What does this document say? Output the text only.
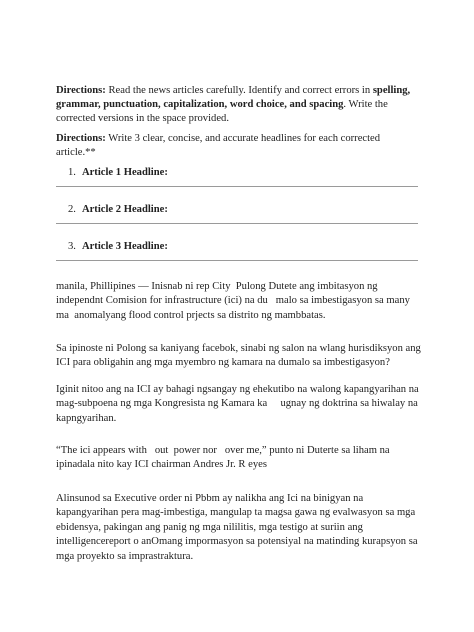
Directions: Read the news articles carefully. Identify and correct errors in spelling, grammar, punctuation, capitalization, word choice, and spacing. Write the corrected versions in the space provided.

Directions: Write 3 clear, concise, and accurate headlines for each corrected article.**

1. Article 1 Headline:
2. Article 2 Headline:
3. Article 3 Headline:

manila, Phillipines — Inisnab ni rep City  Pulong Dutete ang imbitasyon ng independnt Comision for infrastructure (ici) na du   malo sa imbestigasyon sa many ma  anomalyang flood control prjects sa distrito ng mambbatas.

Sa ipinoste ni Polong sa kaniyang facebok, sinabi ng salon na wlang hurisdiksyon ang ICI para obligahin ang mga myembro ng kamara na dumalo sa imbestigasyon?

Iginit nitoo ang na ICI ay bahagi ngsangay ng ehekutibo na walong kapangyarihan na mag-subpoena ng mga Kongresista ng Kamara ka     ugnay ng doktrina sa hiwalay na kapngyarihan.

“The ici appears with   out  power nor   over me,” punto ni Duterte sa liham na ipinadala nito kay ICI chairman Andres Jr. R eyes

Alinsunod sa Executive order ni Pbbm ay nalikha ang Ici na binigyan na kapangyarihan pera mag-imbestiga, mangulap ta magsa gawa ng evalwasyon sa mga ebidensya, pakingan ang panig ng mga nililitis, mga testigo at suriin ang intelligencereport o anOmang impormasyon sa potensiyal na matinding kurapsyon sa mga proyekto sa imprastraktura.
